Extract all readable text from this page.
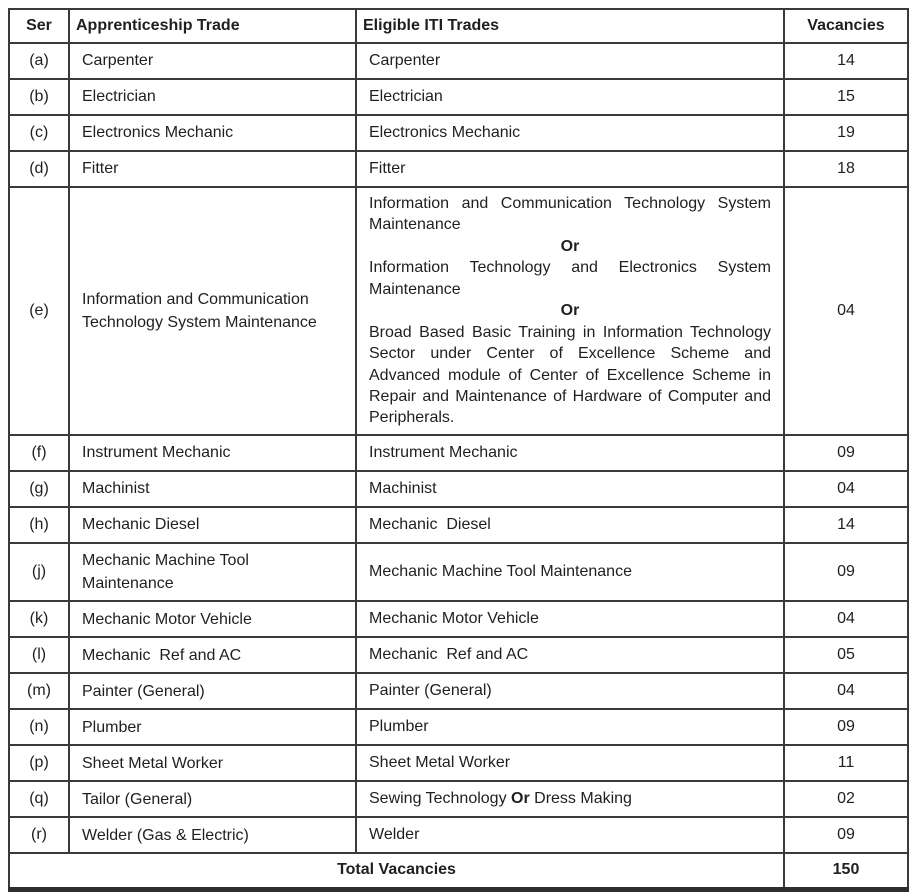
Ser	Apprenticeship Trade	Eligible ITI Trades	Vacancies
(a)	Carpenter	Carpenter	14
(b)	Electrician	Electrician	15
(c)	Electronics Mechanic	Electronics Mechanic	19
(d)	Fitter	Fitter	18
(e)	Information and Communication Technology System Maintenance	Information and Communication Technology System Maintenance
Or
Information Technology and Electronics System Maintenance
Or
Broad Based Basic Training in Information Technology Sector under Center of Excellence Scheme and Advanced module of Center of Excellence Scheme in Repair and Maintenance of Hardware of Computer and Peripherals.	04
(f)	Instrument Mechanic	Instrument Mechanic	09
(g)	Machinist	Machinist	04
(h)	Mechanic Diesel	Mechanic  Diesel	14
(j)	Mechanic Machine Tool Maintenance	Mechanic Machine Tool Maintenance	09
(k)	Mechanic Motor Vehicle	Mechanic Motor Vehicle	04
(l)	Mechanic  Ref and AC	Mechanic  Ref and AC	05
(m)	Painter (General)	Painter (General)	04
(n)	Plumber	Plumber	09
(p)	Sheet Metal Worker	Sheet Metal Worker	11
(q)	Tailor (General)	Sewing Technology Or Dress Making	02
(r)	Welder (Gas & Electric)	Welder	09
Total Vacancies			150
